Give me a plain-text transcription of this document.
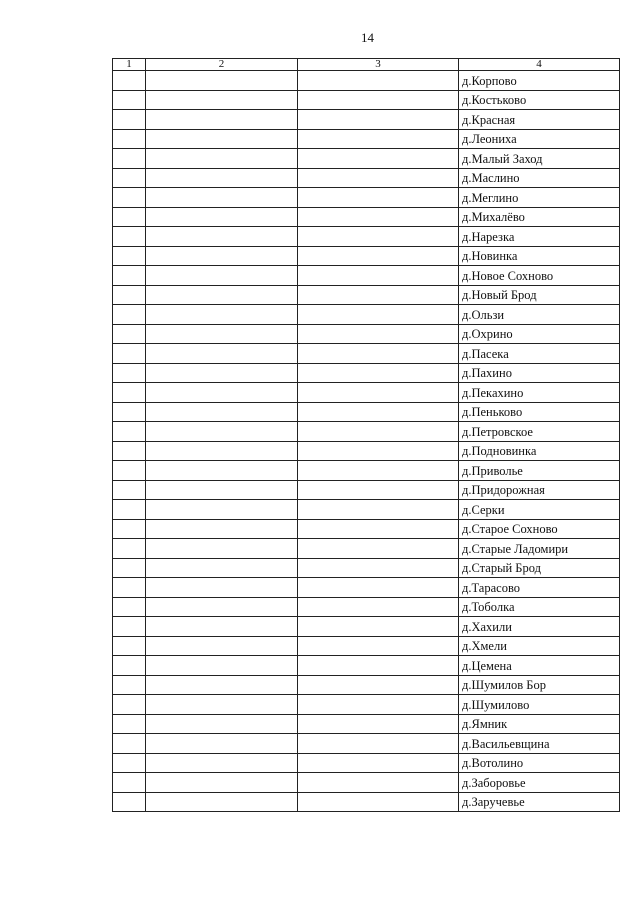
14
1	2	3	4
			д.Корпово
			д.Костьково
			д.Красная
			д.Леониха
			д.Малый Заход
			д.Маслино
			д.Меглино
			д.Михалёво
			д.Нарезка
			д.Новинка
			д.Новое Сохново
			д.Новый Брод
			д.Ользи
			д.Охрино
			д.Пасека
			д.Пахино
			д.Пекахино
			д.Пеньково
			д.Петровское
			д.Подновинка
			д.Приволье
			д.Придорожная
			д.Серки
			д.Старое Сохново
			д.Старые Ладомири
			д.Старый Брод
			д.Тарасово
			д.Тоболка
			д.Хахили
			д.Хмели
			д.Цемена
			д.Шумилов Бор
			д.Шумилово
			д.Ямник
			д.Васильевщина
			д.Вотолино
			д.Заборовье
			д.Заручевье
